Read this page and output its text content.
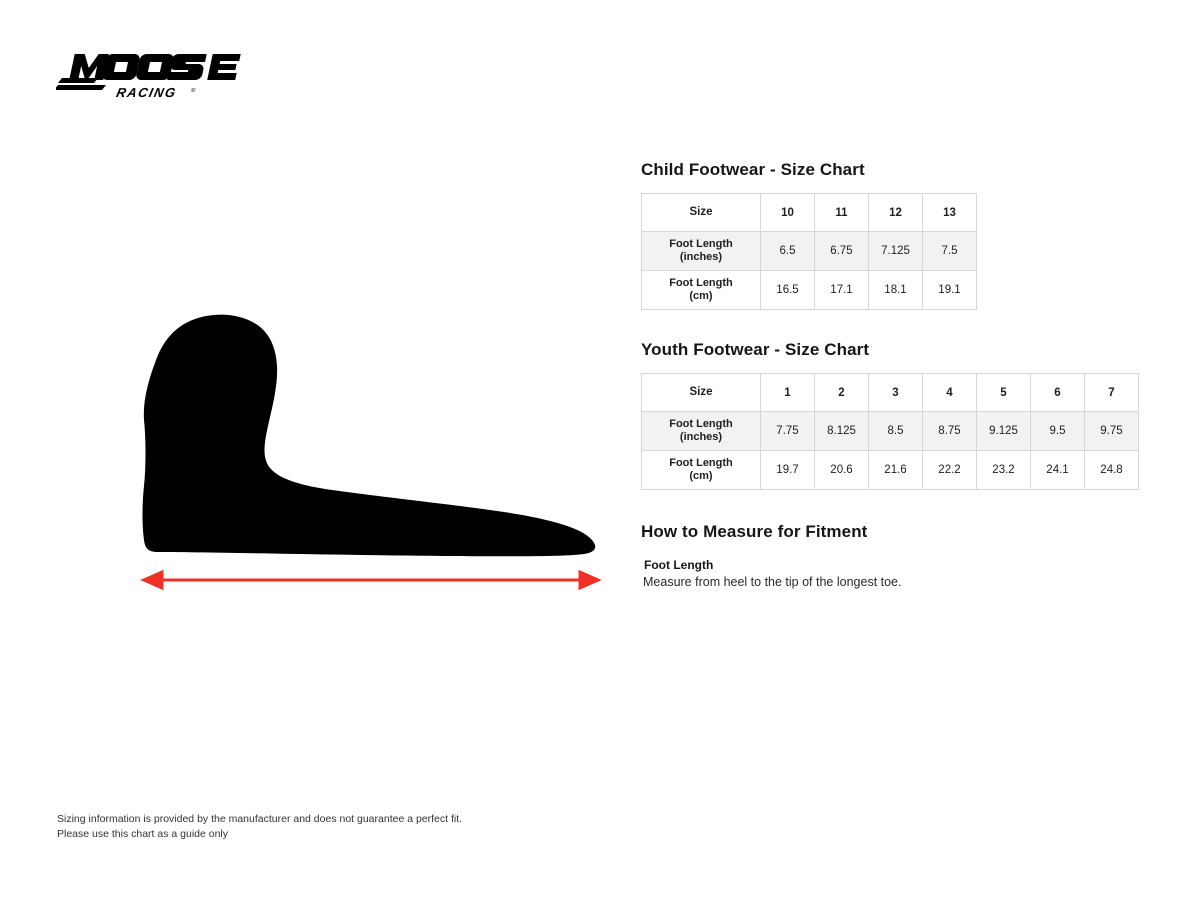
RACING ®
Child Footwear - Size Chart
Size	10	11	12	13
Foot Length
(inches)	6.5	6.75	7.125	7.5
Foot Length
(cm)	16.5	17.1	18.1	19.1
Youth Footwear - Size Chart
Size	1	2	3	4	5	6	7
Foot Length
(inches)	7.75	8.125	8.5	8.75	9.125	9.5	9.75
Foot Length
(cm)	19.7	20.6	21.6	22.2	23.2	24.1	24.8
How to Measure for Fitment
Foot Length
Measure from heel to the tip of the longest toe.
Sizing information is provided by the manufacturer and does not guarantee a perfect fit.
Please use this chart as a guide only
